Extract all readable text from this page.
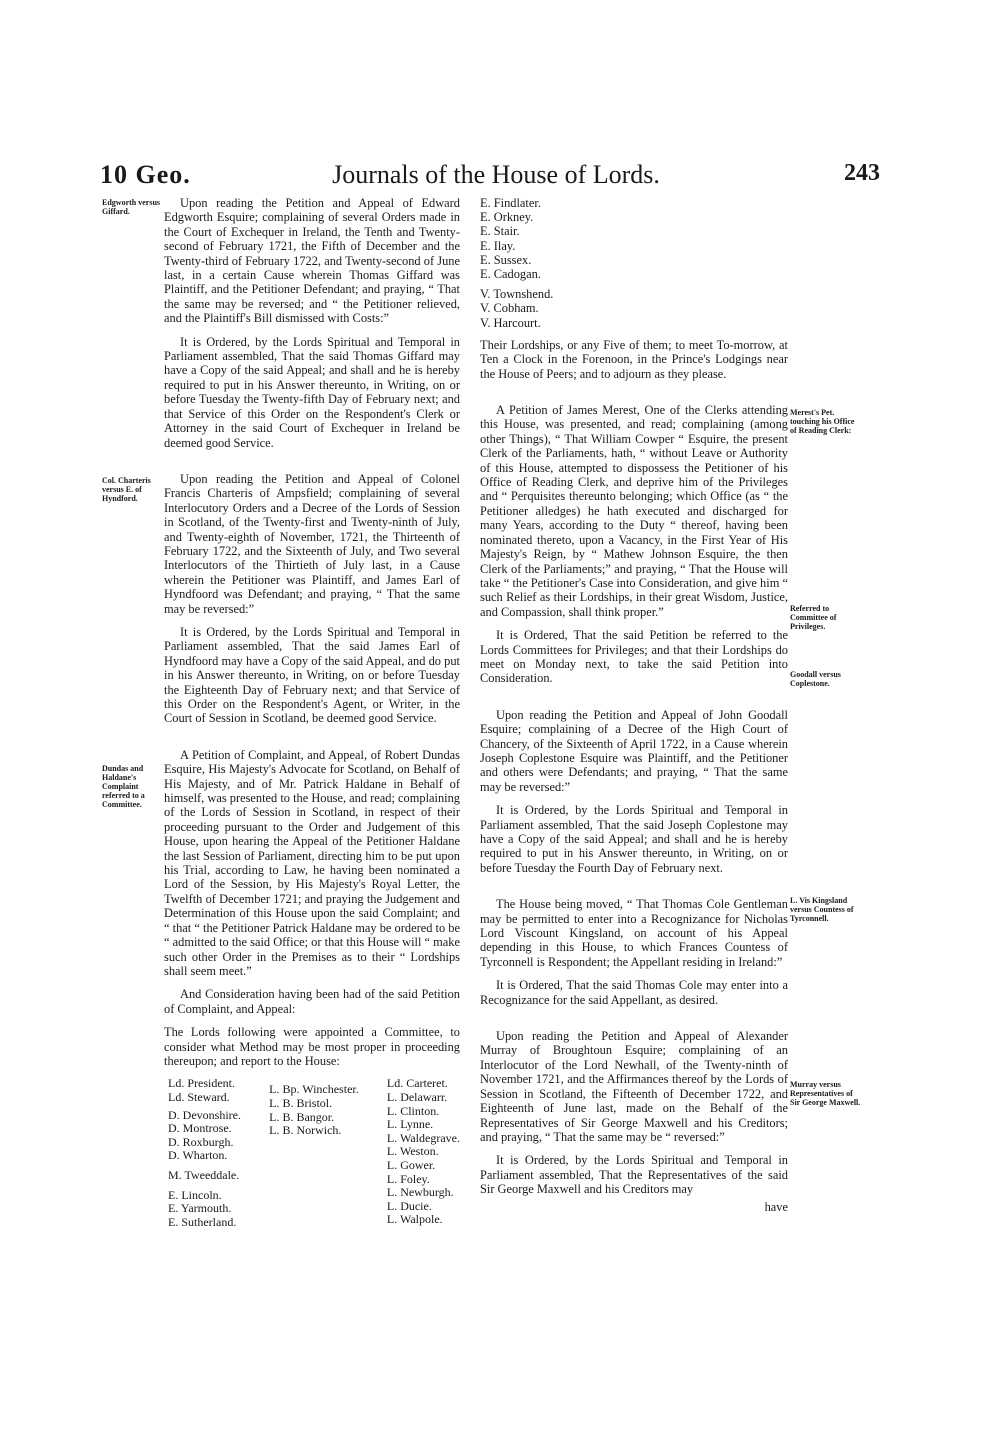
10 Geo.	Journals of the House of Lords.	243
Edgworth versus Giffard.
Col. Charteris versus E. of Hyndford.
Dundas and Haldane's Complaint referred to a Committee.
Merest's Pet. touching his Office of Reading Clerk:
Referred to Committee of Privileges.
Goodall versus Coplestone.
L. Vis Kingsland versus Countess of Tyrconnell.
Murray versus Representatives of Sir George Maxwell.

Upon reading the Petition and Appeal of Edward Edgworth Esquire; complaining of several Orders made in the Court of Exchequer in Ireland, the Tenth and Twenty-second of February 1721, the Fifth of December and the Twenty-third of February 1722, and Twenty-second of June last, in a certain Cause wherein Thomas Giffard was Plaintiff, and the Petitioner Defendant; and praying, “ That the same may be reversed; and “ the Petitioner relieved, and the Plaintiff's Bill dismissed with Costs:”

It is Ordered, by the Lords Spiritual and Temporal in Parliament assembled, That the said Thomas Giffard may have a Copy of the said Appeal; and shall and he is hereby required to put in his Answer thereunto, in Writing, on or before Tuesday the Twenty-fifth Day of February next; and that Service of this Order on the Respondent's Clerk or Attorney in the said Court of Exchequer in Ireland be deemed good Service.

Upon reading the Petition and Appeal of Colonel Francis Charteris of Ampsfield; complaining of several Interlocutory Orders and a Decree of the Lords of Session in Scotland, of the Twenty-first and Twenty-ninth of July, and Twenty-eighth of November, 1721, the Thirteenth of February 1722, and the Sixteenth of July, and Two several Interlocutors of the Thirtieth of July last, in a Cause wherein the Petitioner was Plaintiff, and James Earl of Hyndfoord was Defendant; and praying, “ That the same may be reversed:”

It is Ordered, by the Lords Spiritual and Temporal in Parliament assembled, That the said James Earl of Hyndfoord may have a Copy of the said Appeal, and do put in his Answer thereunto, in Writing, on or before Tuesday the Eighteenth Day of February next; and that Service of this Order on the Respondent's Agent, or Writer, in the Court of Session in Scotland, be deemed good Service.

A Petition of Complaint, and Appeal, of Robert Dundas Esquire, His Majesty's Advocate for Scotland, on Behalf of His Majesty, and of Mr. Patrick Haldane in Behalf of himself, was presented to the House, and read; complaining of the Lords of Session in Scotland, in respect of their proceeding pursuant to the Order and Judgement of this House, upon hearing the Appeal of the Petitioner Haldane the last Session of Parliament, directing him to be put upon his Trial, according to Law, he having been nominated a Lord of the Session, by His Majesty's Royal Letter, the Twelfth of December 1721; and praying the Judgement and Determination of this House upon the said Complaint; and “ that “ the Petitioner Patrick Haldane may be ordered to be “ admitted to the said Office; or that this House will “ make such other Order in the Premises as to their “ Lordships shall seem meet.”

And Consideration having been had of the said Petition of Complaint, and Appeal:

The Lords following were appointed a Committee, to consider what Method may be most proper in proceeding thereupon; and report to the House:

Ld. President.
Ld. Steward.
D. Devonshire.
D. Montrose.
D. Roxburgh.
D. Wharton.
M. Tweeddale.
E. Lincoln.
E. Yarmouth.
E. Sutherland.
L. Bp. Winchester.
L. B. Bristol.
L. B. Bangor.
L. B. Norwich.
Ld. Carteret.
L. Delawarr.
L. Clinton.
L. Lynne.
L. Waldegrave.
L. Weston.
L. Gower.
L. Foley.
L. Newburgh.
L. Ducie.
L. Walpole.
E. Findlater.
E. Orkney.
E. Stair.
E. Ilay.
E. Sussex.
E. Cadogan.
V. Townshend.
V. Cobham.
V. Harcourt.

Their Lordships, or any Five of them; to meet To-morrow, at Ten a Clock in the Forenoon, in the Prince's Lodgings near the House of Peers; and to adjourn as they please.

A Petition of James Merest, One of the Clerks attending this House, was presented, and read; complaining (among other Things), “ That William Cowper “ Esquire, the present Clerk of the Parliaments, hath, “ without Leave or Authority of this House, attempted to dispossess the Petitioner of his Office of Reading Clerk, and deprive him of the Privileges and “ Perquisites thereunto belonging; which Office (as “ the Petitioner alledges) he hath executed and discharged for many Years, according to the Duty “ thereof, having been nominated thereto, upon a Vacancy, in the First Year of His Majesty's Reign, by “ Mathew Johnson Esquire, the then Clerk of the Parliaments;” and praying, “ That the House will take “ the Petitioner's Case into Consideration, and give him “ such Relief as their Lordships, in their great Wisdom, Justice, and Compassion, shall think proper.”

It is Ordered, That the said Petition be referred to the Lords Committees for Privileges; and that their Lordships do meet on Monday next, to take the said Petition into Consideration.

Upon reading the Petition and Appeal of John Goodall Esquire; complaining of a Decree of the High Court of Chancery, of the Sixteenth of April 1722, in a Cause wherein Joseph Coplestone Esquire was Plaintiff, and the Petitioner and others were Defendants; and praying, “ That the same may be reversed:”

It is Ordered, by the Lords Spiritual and Temporal in Parliament assembled, That the said Joseph Coplestone may have a Copy of the said Appeal; and shall and he is hereby required to put in his Answer thereunto, in Writing, on or before Tuesday the Fourth Day of February next.

The House being moved, “ That Thomas Cole Gentleman may be permitted to enter into a Recognizance for Nicholas Lord Viscount Kingsland, on account of his Appeal depending in this House, to which Frances Countess of Tyrconnell is Respondent; the Appellant residing in Ireland:”

It is Ordered, That the said Thomas Cole may enter into a Recognizance for the said Appellant, as desired.

Upon reading the Petition and Appeal of Alexander Murray of Broughtoun Esquire; complaining of an Interlocutor of the Lord Newhall, of the Twenty-ninth of November 1721, and the Affirmances thereof by the Lords of Session in Scotland, the Fifteenth of December 1722, and Eighteenth of June last, made on the Behalf of the Representatives of Sir George Maxwell and his Creditors; and praying, “ That the same may be “ reversed:”

It is Ordered, by the Lords Spiritual and Temporal in Parliament assembled, That the Representatives of the said Sir George Maxwell and his Creditors may

have
